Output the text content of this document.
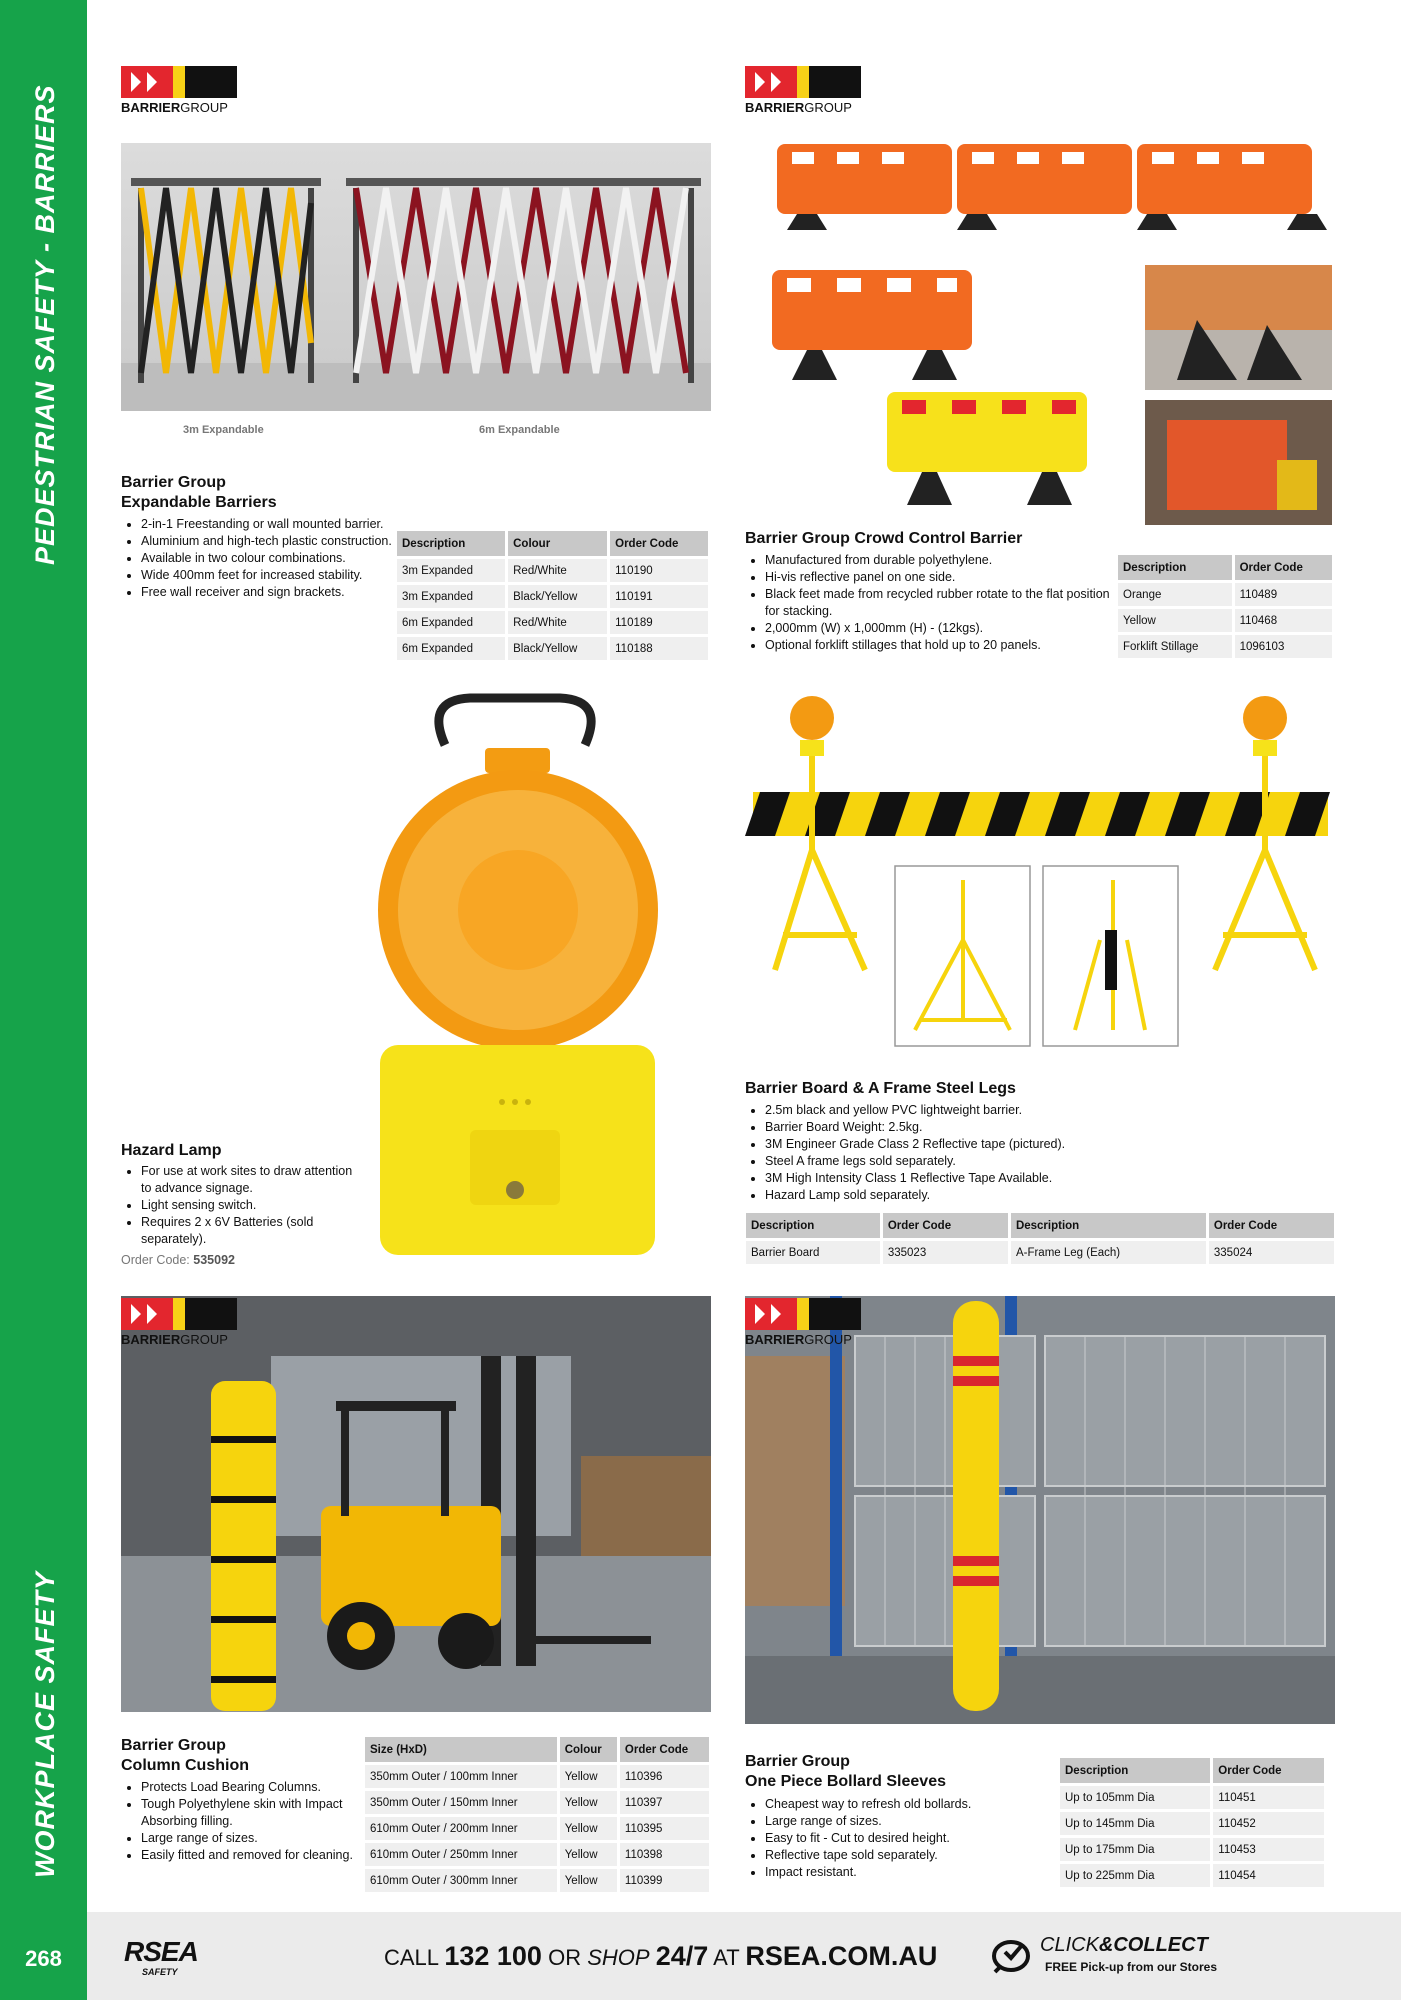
PEDESTRIAN SAFETY - BARRIERS
WORKPLACE SAFETY
268
BARRIERGROUP
3m Expandable	6m Expandable
Barrier Group
Expandable Barriers
• 2-in-1 Freestanding or wall mounted barrier.
• Aluminium and high-tech plastic construction.
• Available in two colour combinations.
• Wide 400mm feet for increased stability.
• Free wall receiver and sign brackets.
Description	Colour	Order Code
3m Expanded	Red/White	110190
3m Expanded	Black/Yellow	110191
6m Expanded	Red/White	110189
6m Expanded	Black/Yellow	110188
BARRIERGROUP
Barrier Group Crowd Control Barrier
• Manufactured from durable polyethylene.
• Hi-vis reflective panel on one side.
• Black feet made from recycled rubber rotate to the flat position for stacking.
• 2,000mm (W) x 1,000mm (H) - (12kgs).
• Optional forklift stillages that hold up to 20 panels.
Description	Order Code
Orange	110489
Yellow	110468
Forklift Stillage	1096103
Hazard Lamp
• For use at work sites to draw attention to advance signage.
• Light sensing switch.
• Requires 2 x 6V Batteries (sold separately).
Order Code: 535092
Barrier Board & A Frame Steel Legs
• 2.5m black and yellow PVC lightweight barrier.
• Barrier Board Weight: 2.5kg.
• 3M Engineer Grade Class 2 Reflective tape (pictured).
• Steel A frame legs sold separately.
• 3M High Intensity Class 1 Reflective Tape Available.
• Hazard Lamp sold separately.
Description	Order Code	Description	Order Code
Barrier Board	335023	A-Frame Leg (Each)	335024
BARRIERGROUP
Barrier Group
Column Cushion
• Protects Load Bearing Columns.
• Tough Polyethylene skin with Impact Absorbing filling.
• Large range of sizes.
• Easily fitted and removed for cleaning.
Size (HxD)	Colour	Order Code
350mm Outer / 100mm Inner	Yellow	110396
350mm Outer / 150mm Inner	Yellow	110397
610mm Outer / 200mm Inner	Yellow	110395
610mm Outer / 250mm Inner	Yellow	110398
610mm Outer / 300mm Inner	Yellow	110399
BARRIERGROUP
Barrier Group
One Piece Bollard Sleeves
• Cheapest way to refresh old bollards.
• Large range of sizes.
• Easy to fit - Cut to desired height.
• Reflective tape sold separately.
• Impact resistant.
Description	Order Code
Up to 105mm Dia	110451
Up to 145mm Dia	110452
Up to 175mm Dia	110453
Up to 225mm Dia	110454
RSEA
SAFETY
CALL 132 100 OR SHOP 24/7 AT RSEA.COM.AU	CLICK&COLLECT
FREE Pick-up from our Stores
